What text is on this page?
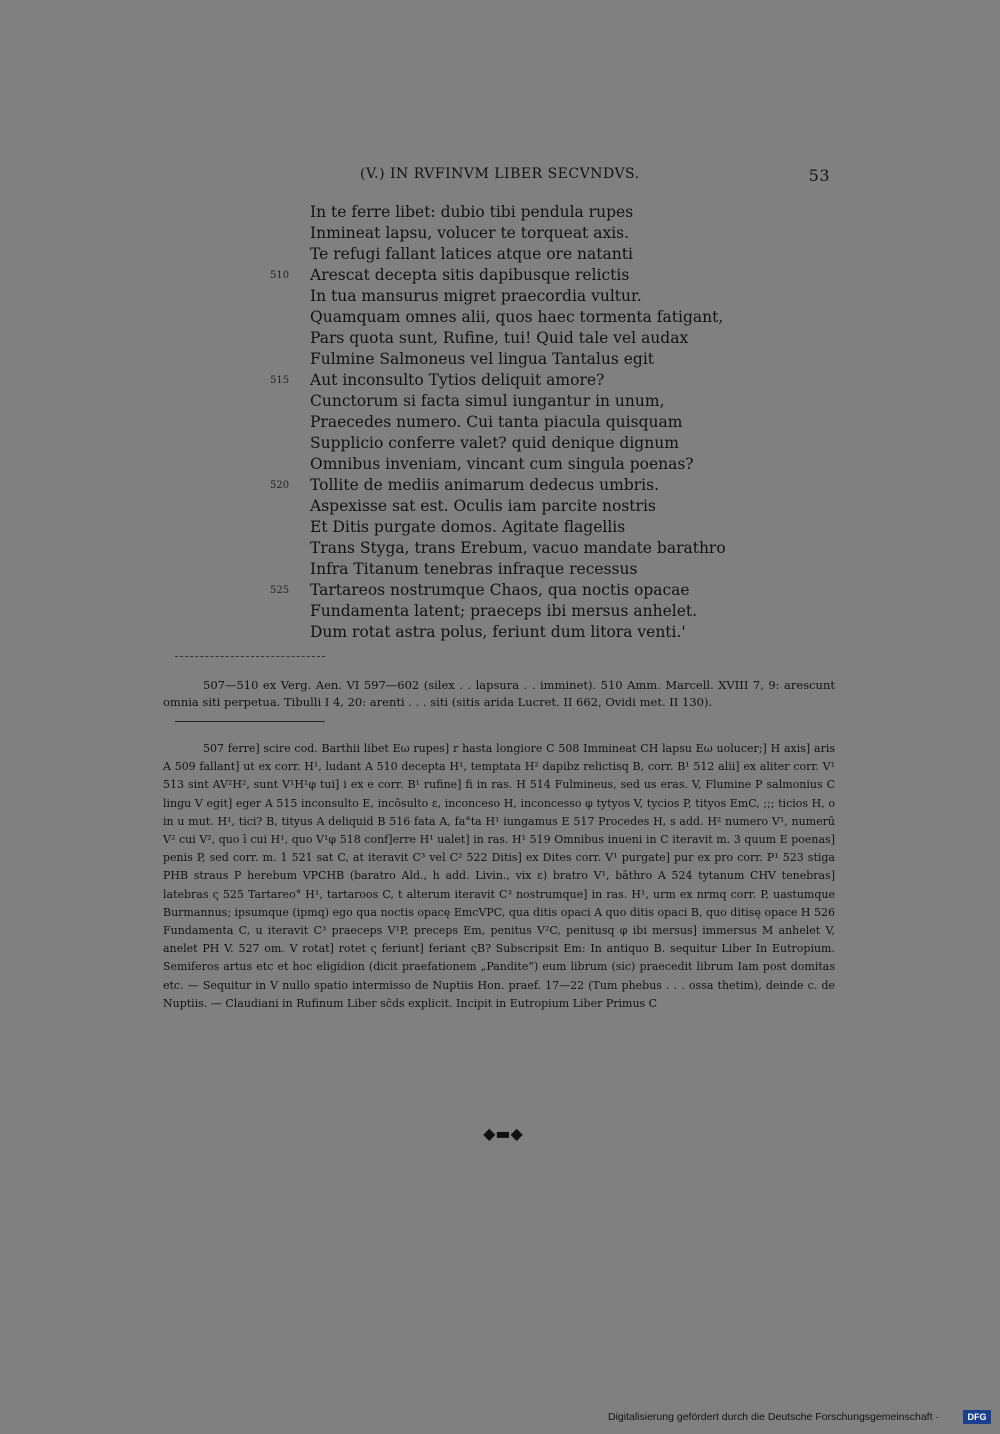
(V.) IN RVFINVM LIBER SECVNDVS.	53
In te ferre libet: dubio tibi pendula rupes
Inmineat lapsu, volucer te torqueat axis.
Te refugi fallant latices atque ore natanti
510 Arescat decepta sitis dapibusque relictis
In tua mansurus migret praecordia vultur.
Quamquam omnes alii, quos haec tormenta fatigant,
Pars quota sunt, Rufine, tui! Quid tale vel audax
Fulmine Salmoneus vel lingua Tantalus egit
515 Aut inconsulto Tytios deliquit amore?
Cunctorum si facta simul iungantur in unum,
Praecedes numero. Cui tanta piacula quisquam
Supplicio conferre valet? quid denique dignum
Omnibus inveniam, vincant cum singula poenas?
520 Tollite de mediis animarum dedecus umbris.
Aspexisse sat est. Oculis iam parcite nostris
Et Ditis purgate domos. Agitate flagellis
Trans Styga, trans Erebum, vacuo mandate barathro
Infra Titanum tenebras infraque recessus
525 Tartareos nostrumque Chaos, qua noctis opacae
Fundamenta latent; praeceps ibi mersus anhelet.
Dum rotat astra polus, feriunt dum litora venti.'

507—510 ex Verg. Aen. VI 597—602 (silex . . lapsura . . imminet). 510 Amm. Marcell. XVIII 7, 9: arescunt omnia siti perpetua. Tibulli I 4, 20: arenti . . . siti (sitis arida Lucret. II 662, Ovidi met. II 130).

507 ferre] scire cod. Barthii libet Eω rupes] r hasta longiore C 508 Immineat CH lapsu Eω uolucer;] H axis] aris A 509 fallant] ut ex corr. H¹, ludant A 510 decepta H¹, temptata H² dapibz relictisq B, corr. B¹ 512 alii] ex aliter corr. V¹ 513 sint AV²H², sunt V¹H¹φ tui] i ex e corr. B¹ rufine] fi in ras. H 514 Fulmineus, sed us eras. V, Flumine P salmonius C lingu V egit] eger A 515 inconsulto E, incōsulto ε, inconceso H, inconcesso φ tytyos V, tycios P, tityos EmC, ;;; ticios H, o in u mut. H¹, tici? B, tityus A deliquid B 516 fata A, fa°ta H¹ iungamus E 517 Procedes H, s add. H² numero V¹, numerū V² cui V², quo ī cui H¹, quo V¹φ 518 conf]erre H¹ ualet] in ras. H¹ 519 Omnibus inueni in C iteravit m. 3 quum E poenas] penis P, sed corr. m. 1 521 sat C, at iteravit C³ vel C² 522 Ditis] ex Dites corr. V¹ purgate] pur ex pro corr. P¹ 523 stiga PHB straus P herebum VPCHB (baratro Ald., h add. Livin., vix ε) bratro V¹, bāthro A 524 tytanum CHV tenebras] latebras ς 525 Tartareo° H¹, tartaroos C, t alterum iteravit C³ nostrumque] in ras. H¹, urm ex nrmq corr. P, uastumque Burmannus; ipsumque (ipmq) ego qua noctis opacę EmcVPC, qua ditis opaci A quo ditis opaci B, quo ditisę opace H 526 Fundamenta C, u iteravit C³ praeceps V¹P, preceps Em, penitus V²C, penitusq φ ibi mersus] immersus M anhelet V, anelet PH V. 527 om. V rotat] rotet ς feriunt] feriant ςB? Subscripsit Em: In antiquo B. sequitur Liber In Eutropium. Semiferos artus etc et hoc eligidion (dicit praefationem „Pandite“) eum librum (sic) praecedit librum Iam post domitas etc. — Sequitur in V nullo spatio intermisso de Nuptiis Hon. praef. 17—22 (Tum phebus . . . ossa thetim), deinde c. de Nuptiis. — Claudiani in Rufinum Liber sc̄ds explicit. Incipit in Eutropium Liber Primus C

◆▬◆
Digitalisierung gefördert durch die Deutsche Forschungsgemeinschaft ·	DFG
